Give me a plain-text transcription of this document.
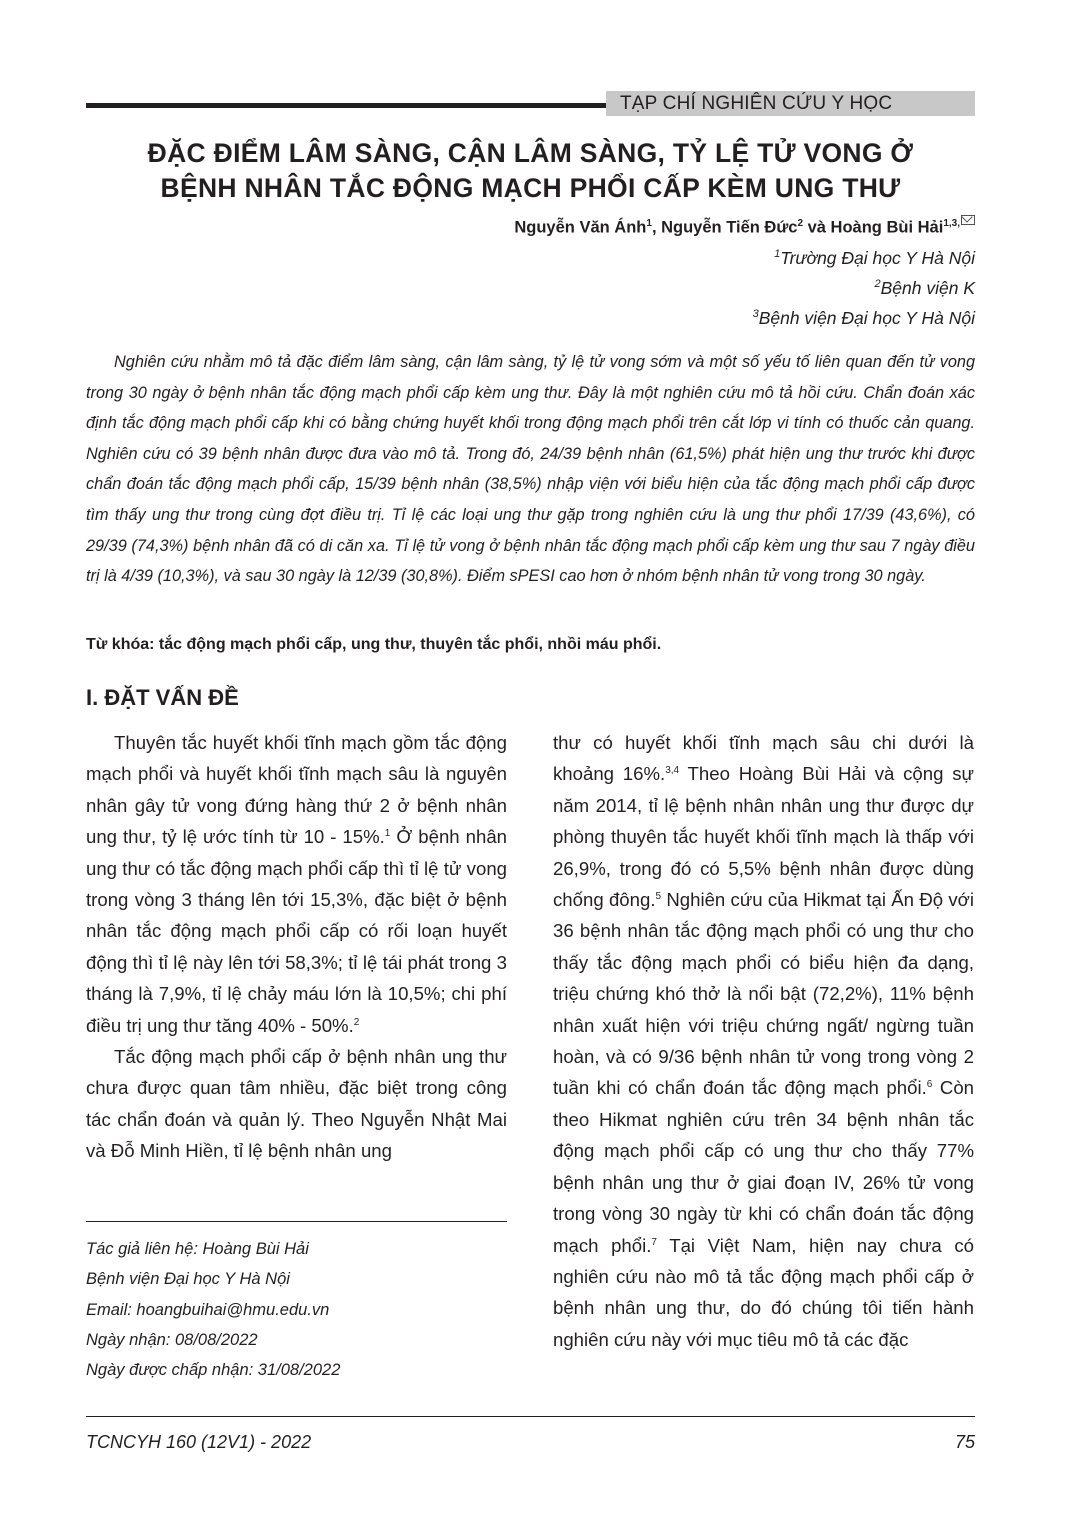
TẠP CHÍ NGHIÊN CỨU Y HỌC
ĐẶC ĐIỂM LÂM SÀNG, CẬN LÂM SÀNG, TỶ LỆ TỬ VONG Ở
BỆNH NHÂN TẮC ĐỘNG MẠCH PHỔI CẤP KÈM UNG THƯ
Nguyễn Văn Ánh$^1$, Nguyễn Tiến Đức$^2$ và Hoàng Bùi Hải$^{1,3,}$
$^1$Trường Đại học Y Hà Nội
$^2$Bệnh viện K
$^3$Bệnh viện Đại học Y Hà Nội

Nghiên cứu nhằm mô tả đặc điểm lâm sàng, cận lâm sàng, tỷ lệ tử vong sớm và một số yếu tố liên quan đến tử vong trong 30 ngày ở bệnh nhân tắc động mạch phổi cấp kèm ung thư. Đây là một nghiên cứu mô tả hồi cứu. Chẩn đoán xác định tắc động mạch phổi cấp khi có bằng chứng huyết khối trong động mạch phổi trên cắt lớp vi tính có thuốc cản quang. Nghiên cứu có 39 bệnh nhân được đưa vào mô tả. Trong đó, 24/39 bệnh nhân (61,5%) phát hiện ung thư trước khi được chẩn đoán tắc động mạch phổi cấp, 15/39 bệnh nhân (38,5%) nhập viện với biểu hiện của tắc động mạch phổi cấp được tìm thấy ung thư trong cùng đợt điều trị. Tỉ lệ các loại ung thư gặp trong nghiên cứu là ung thư phổi 17/39 (43,6%), có 29/39 (74,3%) bệnh nhân đã có di căn xa. Tỉ lệ tử vong ở bệnh nhân tắc động mạch phổi cấp kèm ung thư sau 7 ngày điều trị là 4/39 (10,3%), và sau 30 ngày là 12/39 (30,8%). Điểm sPESI cao hơn ở nhóm bệnh nhân tử vong trong 30 ngày.

Từ khóa: tắc động mạch phổi cấp, ung thư, thuyên tắc phổi, nhồi máu phổi.
I. ĐẶT VẤN ĐỀ

Thuyên tắc huyết khối tĩnh mạch gồm tắc động mạch phổi và huyết khối tĩnh mạch sâu là nguyên nhân gây tử vong đứng hàng thứ 2 ở bệnh nhân ung thư, tỷ lệ ước tính từ 10 - 15%.$^1$ Ở bệnh nhân ung thư có tắc động mạch phổi cấp thì tỉ lệ tử vong trong vòng 3 tháng lên tới 15,3%, đặc biệt ở bệnh nhân tắc động mạch phổi cấp có rối loạn huyết động thì tỉ lệ này lên tới 58,3%; tỉ lệ tái phát trong 3 tháng là 7,9%, tỉ lệ chảy máu lớn là 10,5%; chi phí điều trị ung thư tăng 40% - 50%.$^2$

Tắc động mạch phổi cấp ở bệnh nhân ung thư chưa được quan tâm nhiều, đặc biệt trong công tác chẩn đoán và quản lý. Theo Nguyễn Nhật Mai và Đỗ Minh Hiền, tỉ lệ bệnh nhân ung

thư có huyết khối tĩnh mạch sâu chi dưới là khoảng 16%.$^{3,4}$ Theo Hoàng Bùi Hải và cộng sự năm 2014, tỉ lệ bệnh nhân nhân ung thư được dự phòng thuyên tắc huyết khối tĩnh mạch là thấp với 26,9%, trong đó có 5,5% bệnh nhân được dùng chống đông.$^5$ Nghiên cứu của Hikmat tại Ấn Độ với 36 bệnh nhân tắc động mạch phổi có ung thư cho thấy tắc động mạch phổi có biểu hiện đa dạng, triệu chứng khó thở là nổi bật (72,2%), 11% bệnh nhân xuất hiện với triệu chứng ngất/ ngừng tuần hoàn, và có 9/36 bệnh nhân tử vong trong vòng 2 tuần khi có chẩn đoán tắc động mạch phổi.$^6$ Còn theo Hikmat nghiên cứu trên 34 bệnh nhân tắc động mạch phổi cấp có ung thư cho thấy 77% bệnh nhân ung thư ở giai đoạn IV, 26% tử vong trong vòng 30 ngày từ khi có chẩn đoán tắc động mạch phổi.$^7$ Tại Việt Nam, hiện nay chưa có nghiên cứu nào mô tả tắc động mạch phổi cấp ở bệnh nhân ung thư, do đó chúng tôi tiến hành nghiên cứu này với mục tiêu mô tả các đặc

Tác giả liên hệ: Hoàng Bùi Hải
Bệnh viện Đại học Y Hà Nội
Email: hoangbuihai@hmu.edu.vn
Ngày nhận: 08/08/2022
Ngày được chấp nhận: 31/08/2022
TCNCYH 160 (12V1) - 2022	75
